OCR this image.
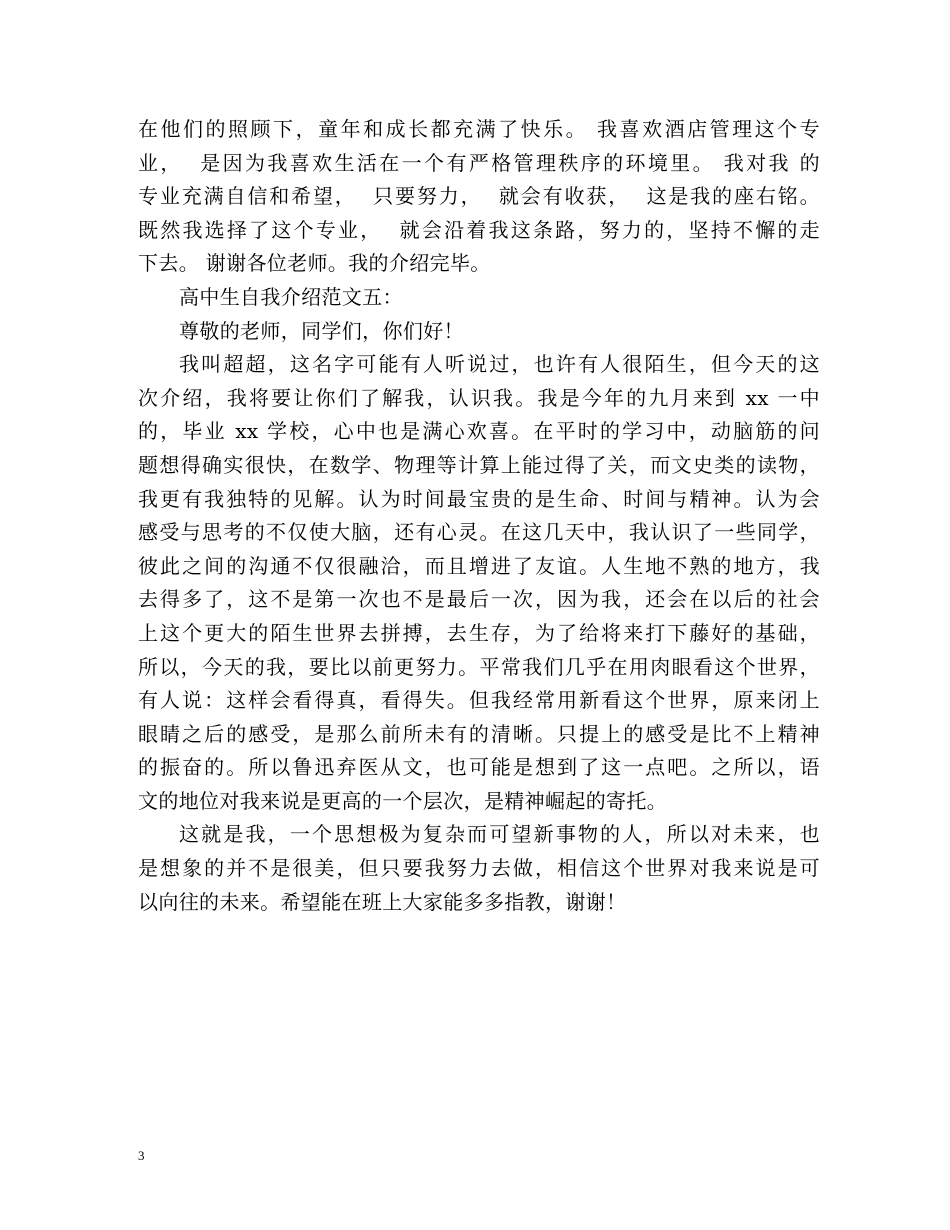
在他们的照顾下，童年和成长都充满了快乐。 我喜欢酒店管理这个专
业，  是因为我喜欢生活在一个有严格管理秩序的环境里。 我对我 的
专业充满自信和希望，  只要努力，  就会有收获，  这是我的座右铭。
既然我选择了这个专业，  就会沿着我这条路，努力的，坚持不懈的走
下去。 谢谢各位老师。我的介绍完毕。
高中生自我介绍范文五：
尊敬的老师，同学们，你们好！
我叫超超，这名字可能有人听说过，也许有人很陌生，但今天的这
次介绍，我将要让你们了解我，认识我。我是今年的九月来到 xx 一中
的，毕业 xx 学校，心中也是满心欢喜。在平时的学习中，动脑筋的问
题想得确实很快，在数学、物理等计算上能过得了关，而文史类的读物，
我更有我独特的见解。认为时间最宝贵的是生命、时间与精神。认为会
感受与思考的不仅使大脑，还有心灵。在这几天中，我认识了一些同学，
彼此之间的沟通不仅很融洽，而且增进了友谊。人生地不熟的地方，我
去得多了，这不是第一次也不是最后一次，因为我，还会在以后的社会
上这个更大的陌生世界去拼搏，去生存，为了给将来打下藤好的基础，
所以，今天的我，要比以前更努力。平常我们几乎在用肉眼看这个世界，
有人说：这样会看得真，看得失。但我经常用新看这个世界，原来闭上
眼睛之后的感受，是那么前所未有的清晰。只提上的感受是比不上精神
的振奋的。所以鲁迅弃医从文，也可能是想到了这一点吧。之所以，语
文的地位对我来说是更高的一个层次，是精神崛起的寄托。
这就是我，一个思想极为复杂而可望新事物的人，所以对未来，也
是想象的并不是很美，但只要我努力去做，相信这个世界对我来说是可
以向往的未来。希望能在班上大家能多多指教，谢谢！
3
